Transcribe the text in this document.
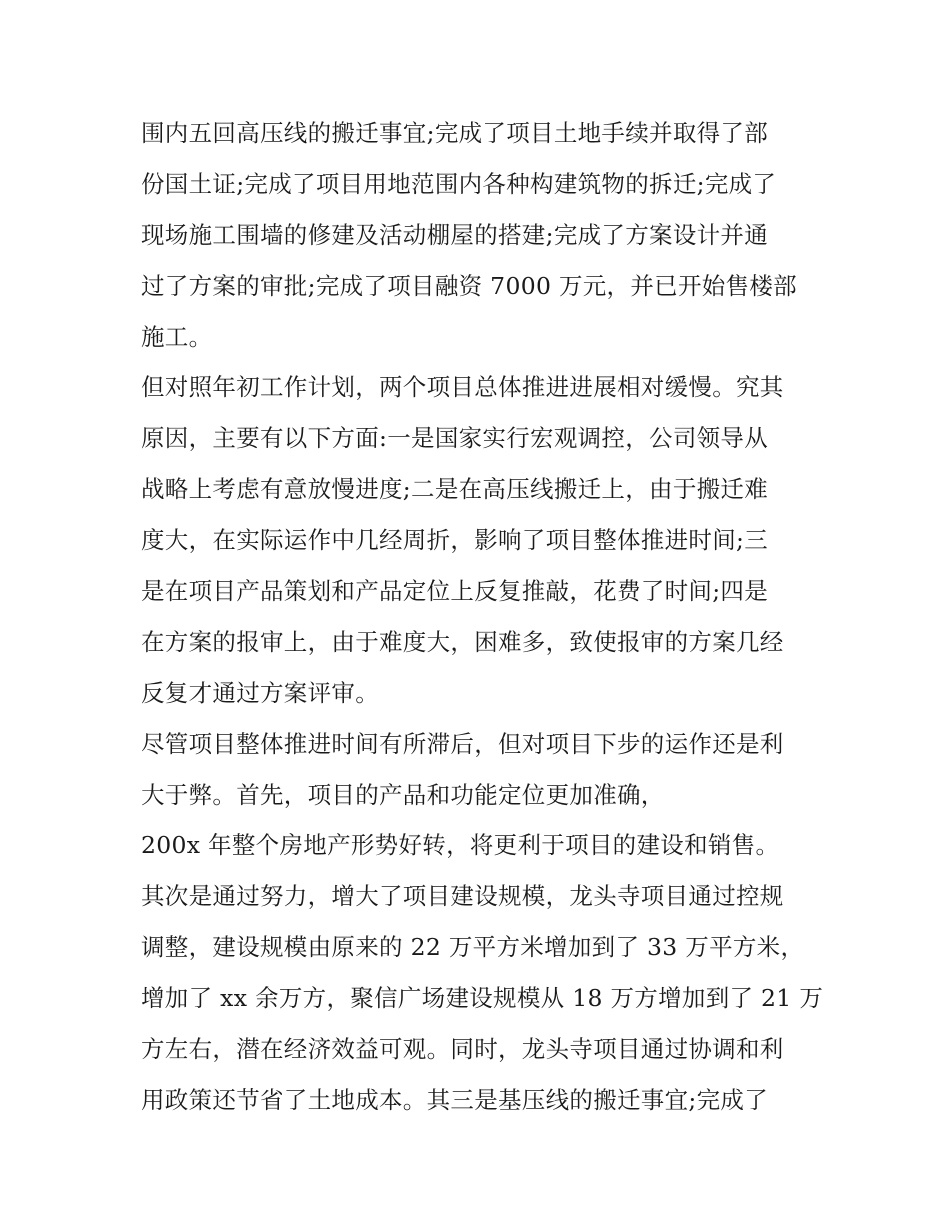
围内五回高压线的搬迁事宜;完成了项目土地手续并取得了部
份国土证;完成了项目用地范围内各种构建筑物的拆迁;完成了
现场施工围墙的修建及活动棚屋的搭建;完成了方案设计并通
过了方案的审批;完成了项目融资 7000 万元，并已开始售楼部
施工。
但对照年初工作计划，两个项目总体推进进展相对缓慢。究其
原因，主要有以下方面:一是国家实行宏观调控，公司领导从
战略上考虑有意放慢进度;二是在高压线搬迁上，由于搬迁难
度大，在实际运作中几经周折，影响了项目整体推进时间;三
是在项目产品策划和产品定位上反复推敲，花费了时间;四是
在方案的报审上，由于难度大，困难多，致使报审的方案几经
反复才通过方案评审。
尽管项目整体推进时间有所滞后，但对项目下步的运作还是利
大于弊。首先，项目的产品和功能定位更加准确，
200x 年整个房地产形势好转，将更利于项目的建设和销售。
其次是通过努力，增大了项目建设规模，龙头寺项目通过控规
调整，建设规模由原来的 22 万平方米增加到了 33 万平方米，
增加了 xx 余万方，聚信广场建设规模从 18 万方增加到了 21 万
方左右，潜在经济效益可观。同时，龙头寺项目通过协调和利
用政策还节省了土地成本。其三是基压线的搬迁事宜;完成了
